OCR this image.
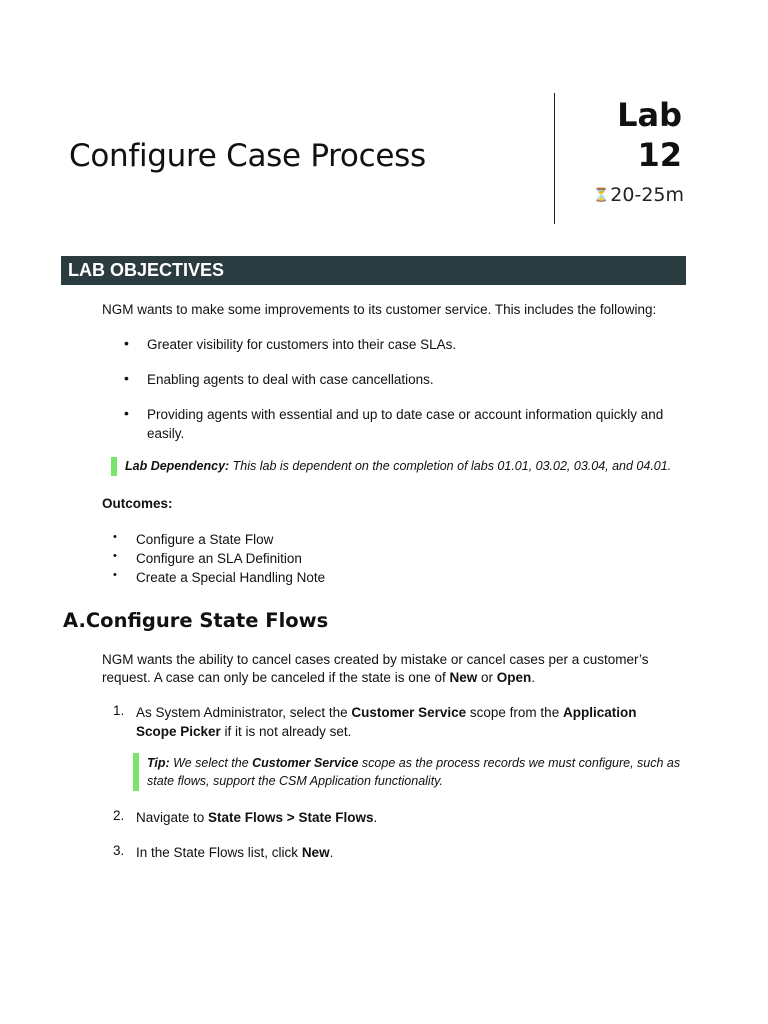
Configure Case Process
Lab
12
⏳ 20-25m
LAB OBJECTIVES
NGM wants to make some improvements to its customer service. This includes the following:
• Greater visibility for customers into their case SLAs.
• Enabling agents to deal with case cancellations.
• Providing agents with essential and up to date case or account information quickly and
easily.
Lab Dependency: This lab is dependent on the completion of labs 01.01, 03.02, 03.04, and 04.01.
Outcomes:
• Configure a State Flow
• Configure an SLA Definition
• Create a Special Handling Note
A.Configure State Flows
NGM wants the ability to cancel cases created by mistake or cancel cases per a customer’s
request. A case can only be canceled if the state is one of New or Open.
1. As System Administrator, select the Customer Service scope from the Application
Scope Picker if it is not already set.
Tip: We select the Customer Service scope as the process records we must configure, such as
state flows, support the CSM Application functionality.
2. Navigate to State Flows > State Flows.
3. In the State Flows list, click New.
